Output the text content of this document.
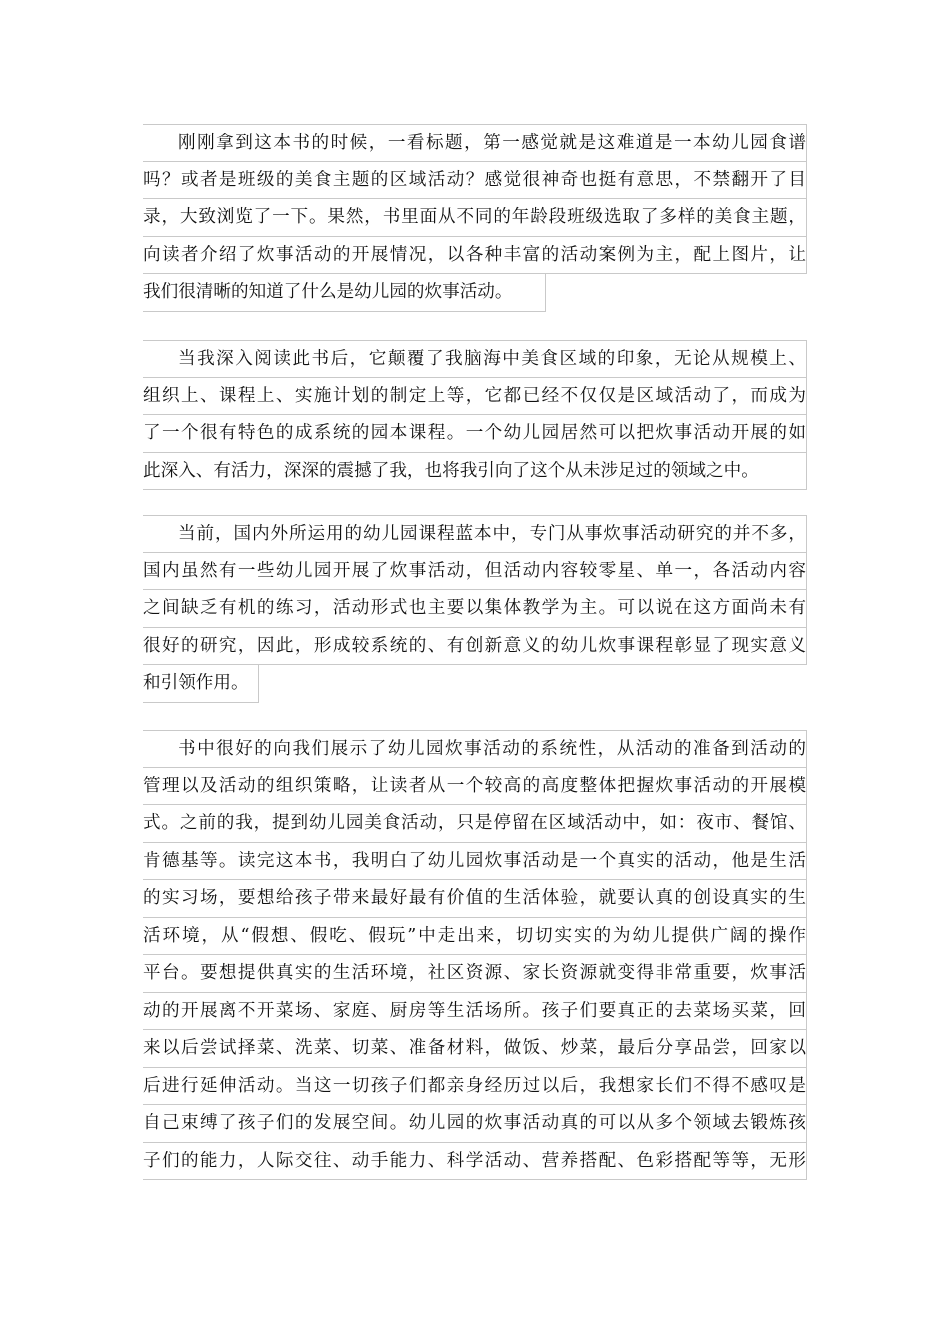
刚刚拿到这本书的时候，一看标题，第一感觉就是这难道是一本幼儿园食谱
吗？或者是班级的美食主题的区域活动？感觉很神奇也挺有意思，不禁翻开了目
录，大致浏览了一下。果然，书里面从不同的年龄段班级选取了多样的美食主题，
向读者介绍了炊事活动的开展情况，以各种丰富的活动案例为主，配上图片，让
我们很清晰的知道了什么是幼儿园的炊事活动。
当我深入阅读此书后，它颠覆了我脑海中美食区域的印象，无论从规模上、
组织上、课程上、实施计划的制定上等，它都已经不仅仅是区域活动了，而成为
了一个很有特色的成系统的园本课程。一个幼儿园居然可以把炊事活动开展的如
此深入、有活力，深深的震撼了我，也将我引向了这个从未涉足过的领域之中。
当前，国内外所运用的幼儿园课程蓝本中，专门从事炊事活动研究的并不多，
国内虽然有一些幼儿园开展了炊事活动，但活动内容较零星、单一，各活动内容
之间缺乏有机的练习，活动形式也主要以集体教学为主。可以说在这方面尚未有
很好的研究，因此，形成较系统的、有创新意义的幼儿炊事课程彰显了现实意义
和引领作用。
书中很好的向我们展示了幼儿园炊事活动的系统性，从活动的准备到活动的
管理以及活动的组织策略，让读者从一个较高的高度整体把握炊事活动的开展模
式。之前的我，提到幼儿园美食活动，只是停留在区域活动中，如：夜市、餐馆、
肯德基等。读完这本书，我明白了幼儿园炊事活动是一个真实的活动，他是生活
的实习场，要想给孩子带来最好最有价值的生活体验，就要认真的创设真实的生
活环境，从“假想、假吃、假玩”中走出来，切切实实的为幼儿提供广阔的操作
平台。要想提供真实的生活环境，社区资源、家长资源就变得非常重要，炊事活
动的开展离不开菜场、家庭、厨房等生活场所。孩子们要真正的去菜场买菜，回
来以后尝试择菜、洗菜、切菜、准备材料，做饭、炒菜，最后分享品尝，回家以
后进行延伸活动。当这一切孩子们都亲身经历过以后，我想家长们不得不感叹是
自己束缚了孩子们的发展空间。幼儿园的炊事活动真的可以从多个领域去锻炼孩
子们的能力，人际交往、动手能力、科学活动、营养搭配、色彩搭配等等，无形
